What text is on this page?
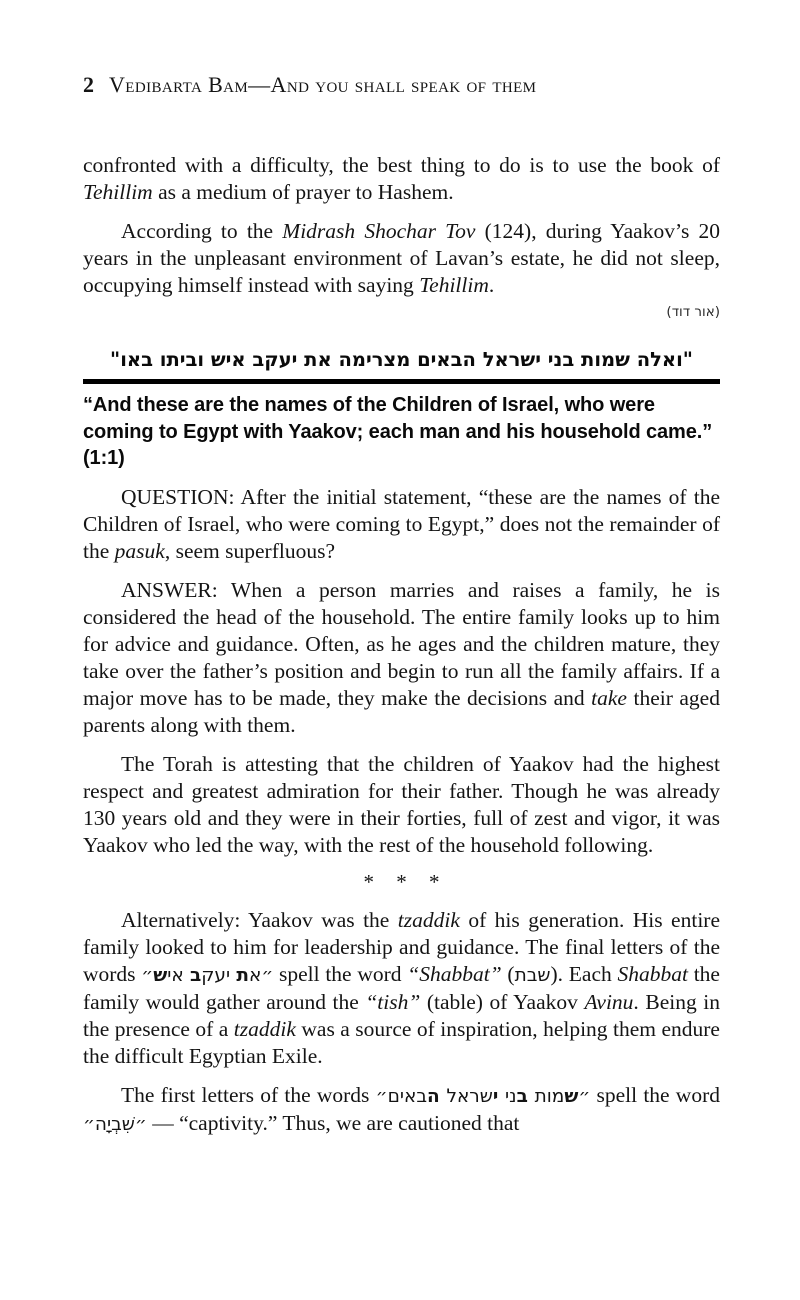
2 Vedibarta Bam—And you shall speak of them

confronted with a difficulty, the best thing to do is to use the book of Tehillim as a medium of prayer to Hashem.

According to the Midrash Shochar Tov (124), during Yaakov’s 20 years in the unpleasant environment of Lavan’s estate, he did not sleep, occupying himself instead with saying Tehillim.

(אור דוד)
"ואלה שמות בני ישראל הבאים מצרימה את יעקב איש וביתו באו"
“And these are the names of the Children of Israel, who were coming to Egypt with Yaakov; each man and his household came.” (1:1)

QUESTION: After the initial statement, “these are the names of the Children of Israel, who were coming to Egypt,” does not the remainder of the pasuk, seem superfluous?

ANSWER: When a person marries and raises a family, he is considered the head of the household. The entire family looks up to him for advice and guidance. Often, as he ages and the children mature, they take over the father’s position and begin to run all the family affairs. If a major move has to be made, they make the decisions and take their aged parents along with them.

The Torah is attesting that the children of Yaakov had the highest respect and greatest admiration for their father. Though he was already 130 years old and they were in their forties, full of zest and vigor, it was Yaakov who led the way, with the rest of the household following.

* * *

Alternatively: Yaakov was the tzaddik of his generation. His entire family looked to him for leadership and guidance. The final letters of the words	״את יעקב איש״	spell the word “Shabbat” (שבת). Each Shabbat the family would gather around the “tish” (table) of Yaakov Avinu. Being in the presence of a tzaddik was a source of inspiration, helping them endure the difficult Egyptian Exile.

The first letters of the words	״שמות בני ישראל הבאים״	spell the word ״שִׁבְיָה״ — “captivity.” Thus, we are cautioned that
